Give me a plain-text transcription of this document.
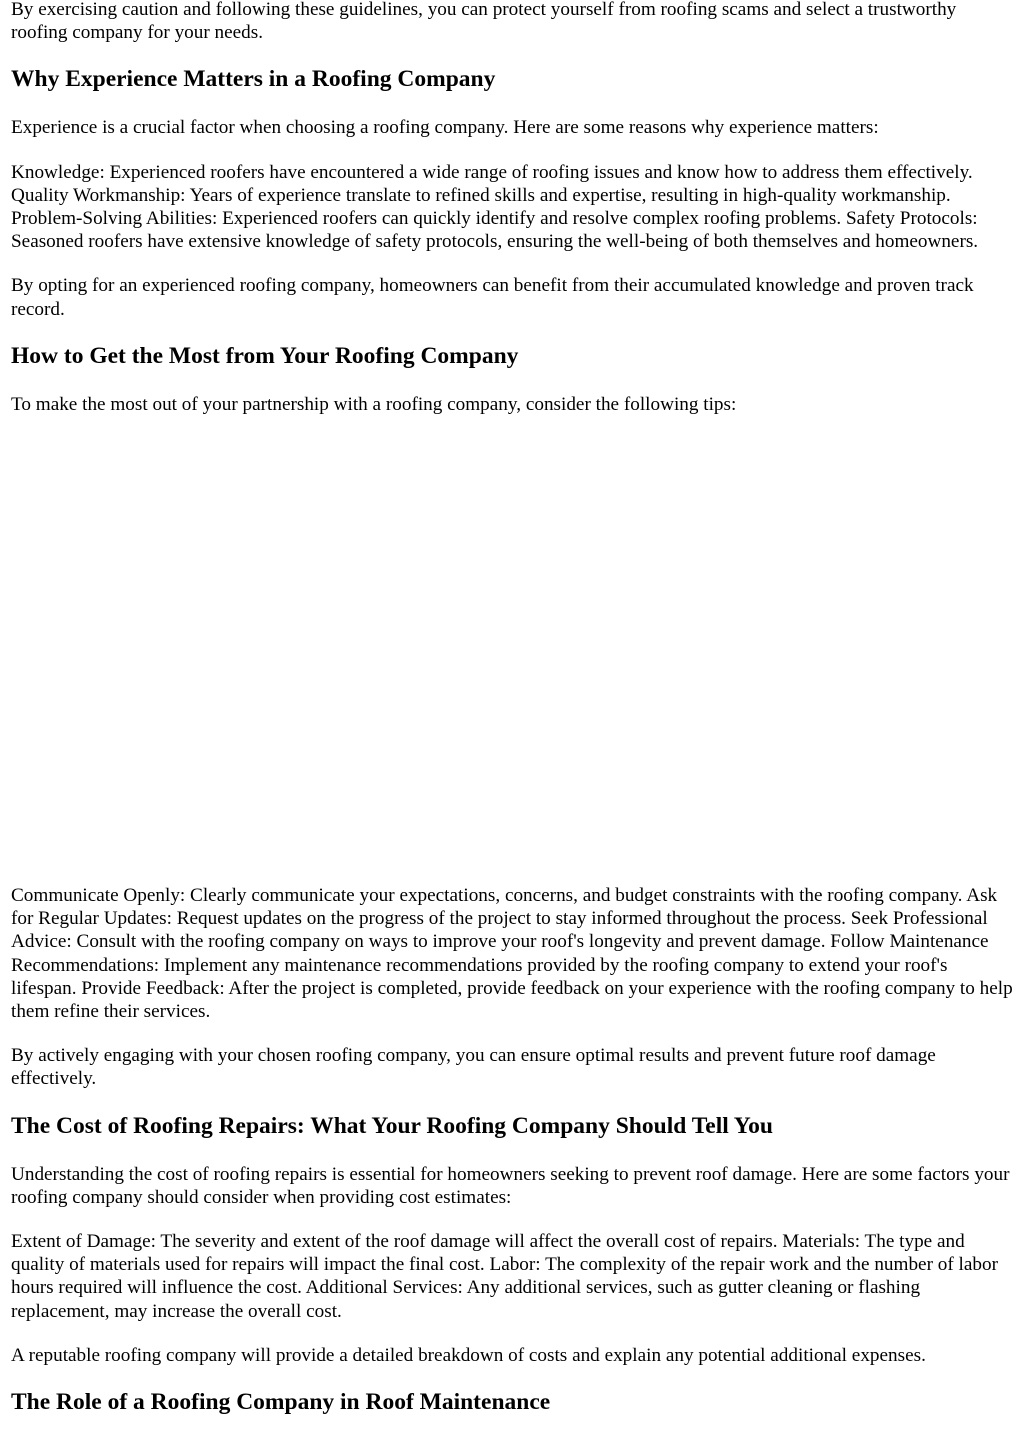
By exercising caution and following these guidelines, you can protect yourself from roofing scams and select a trustworthy roofing company for your needs.

Why Experience Matters in a Roofing Company

Experience is a crucial factor when choosing a roofing company. Here are some reasons why experience matters:

Knowledge: Experienced roofers have encountered a wide range of roofing issues and know how to address them effectively. Quality Workmanship: Years of experience translate to refined skills and expertise, resulting in high-quality workmanship. Problem-Solving Abilities: Experienced roofers can quickly identify and resolve complex roofing problems. Safety Protocols: Seasoned roofers have extensive knowledge of safety protocols, ensuring the well-being of both themselves and homeowners.

By opting for an experienced roofing company, homeowners can benefit from their accumulated knowledge and proven track record.

How to Get the Most from Your Roofing Company

To make the most out of your partnership with a roofing company, consider the following tips:

Communicate Openly: Clearly communicate your expectations, concerns, and budget constraints with the roofing company. Ask for Regular Updates: Request updates on the progress of the project to stay informed throughout the process. Seek Professional Advice: Consult with the roofing company on ways to improve your roof's longevity and prevent damage. Follow Maintenance Recommendations: Implement any maintenance recommendations provided by the roofing company to extend your roof's lifespan. Provide Feedback: After the project is completed, provide feedback on your experience with the roofing company to help them refine their services.

By actively engaging with your chosen roofing company, you can ensure optimal results and prevent future roof damage effectively.

The Cost of Roofing Repairs: What Your Roofing Company Should Tell You

Understanding the cost of roofing repairs is essential for homeowners seeking to prevent roof damage. Here are some factors your roofing company should consider when providing cost estimates:

Extent of Damage: The severity and extent of the roof damage will affect the overall cost of repairs. Materials: The type and quality of materials used for repairs will impact the final cost. Labor: The complexity of the repair work and the number of labor hours required will influence the cost. Additional Services: Any additional services, such as gutter cleaning or flashing replacement, may increase the overall cost.

A reputable roofing company will provide a detailed breakdown of costs and explain any potential additional expenses.

The Role of a Roofing Company in Roof Maintenance
